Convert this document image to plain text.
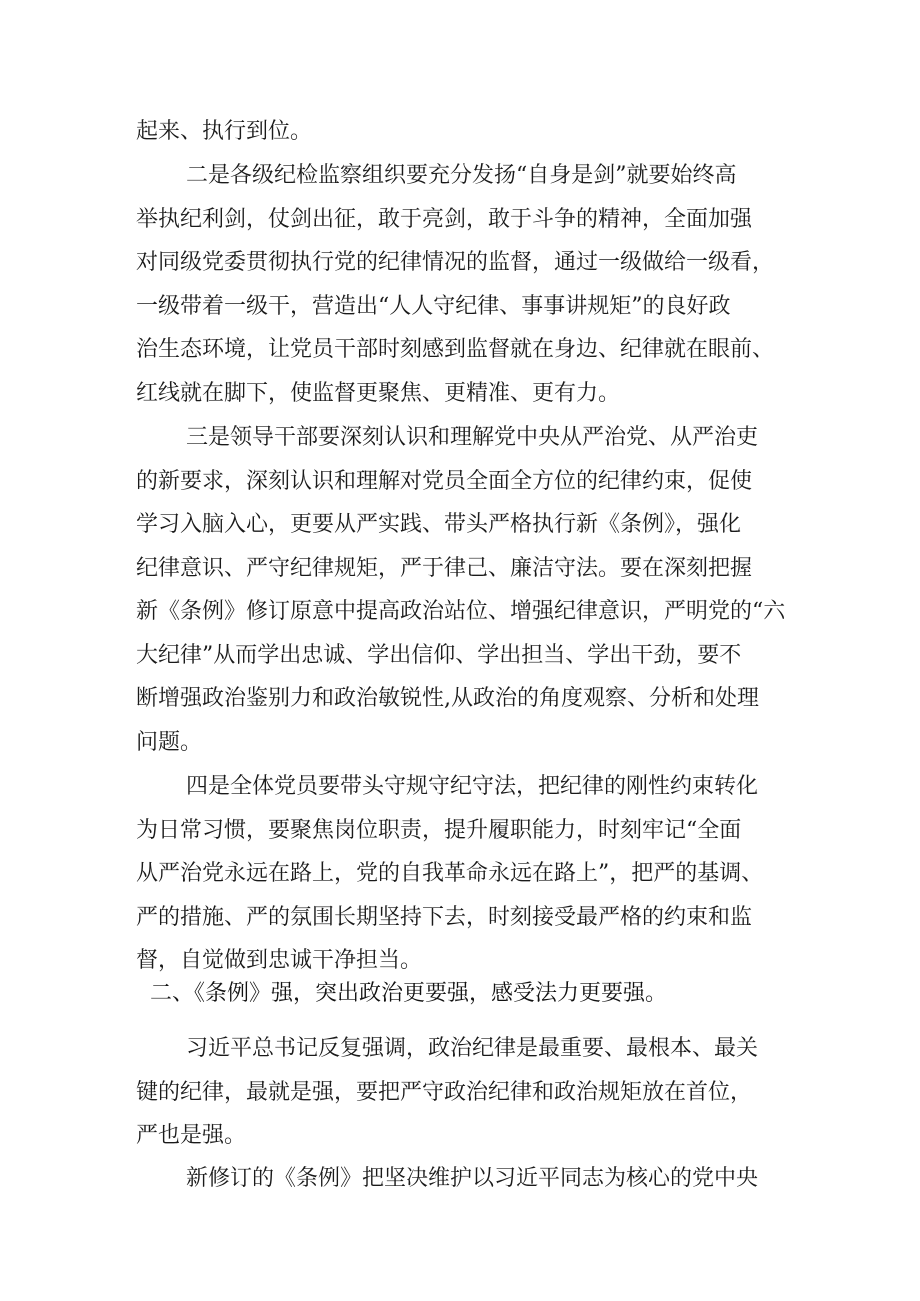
起来、执行到位。
二是各级纪检监察组织要充分发扬“自身是剑”就要始终高
举执纪利剑，仗剑出征，敢于亮剑，敢于斗争的精神，全面加强
对同级党委贯彻执行党的纪律情况的监督，通过一级做给一级看，
一级带着一级干，营造出“人人守纪律、事事讲规矩”的良好政
治生态环境，让党员干部时刻感到监督就在身边、纪律就在眼前、
红线就在脚下，使监督更聚焦、更精准、更有力。
三是领导干部要深刻认识和理解党中央从严治党、从严治吏
的新要求，深刻认识和理解对党员全面全方位的纪律约束，促使
学习入脑入心，更要从严实践、带头严格执行新《条例》，强化
纪律意识、严守纪律规矩，严于律己、廉洁守法。要在深刻把握
新《条例》修订原意中提高政治站位、增强纪律意识，严明党的“六
大纪律”从而学出忠诚、学出信仰、学出担当、学出干劲，要不
断增强政治鉴别力和政治敏锐性,从政治的角度观察、分析和处理
问题。
四是全体党员要带头守规守纪守法，把纪律的刚性约束转化
为日常习惯，要聚焦岗位职责，提升履职能力，时刻牢记“全面
从严治党永远在路上，党的自我革命永远在路上”，把严的基调、
严的措施、严的氛围长期坚持下去，时刻接受最严格的约束和监
督，自觉做到忠诚干净担当。
二、《条例》强，突出政治更要强，感受法力更要强。
习近平总书记反复强调，政治纪律是最重要、最根本、最关
键的纪律，最就是强，要把严守政治纪律和政治规矩放在首位，
严也是强。
新修订的《条例》把坚决维护以习近平同志为核心的党中央
